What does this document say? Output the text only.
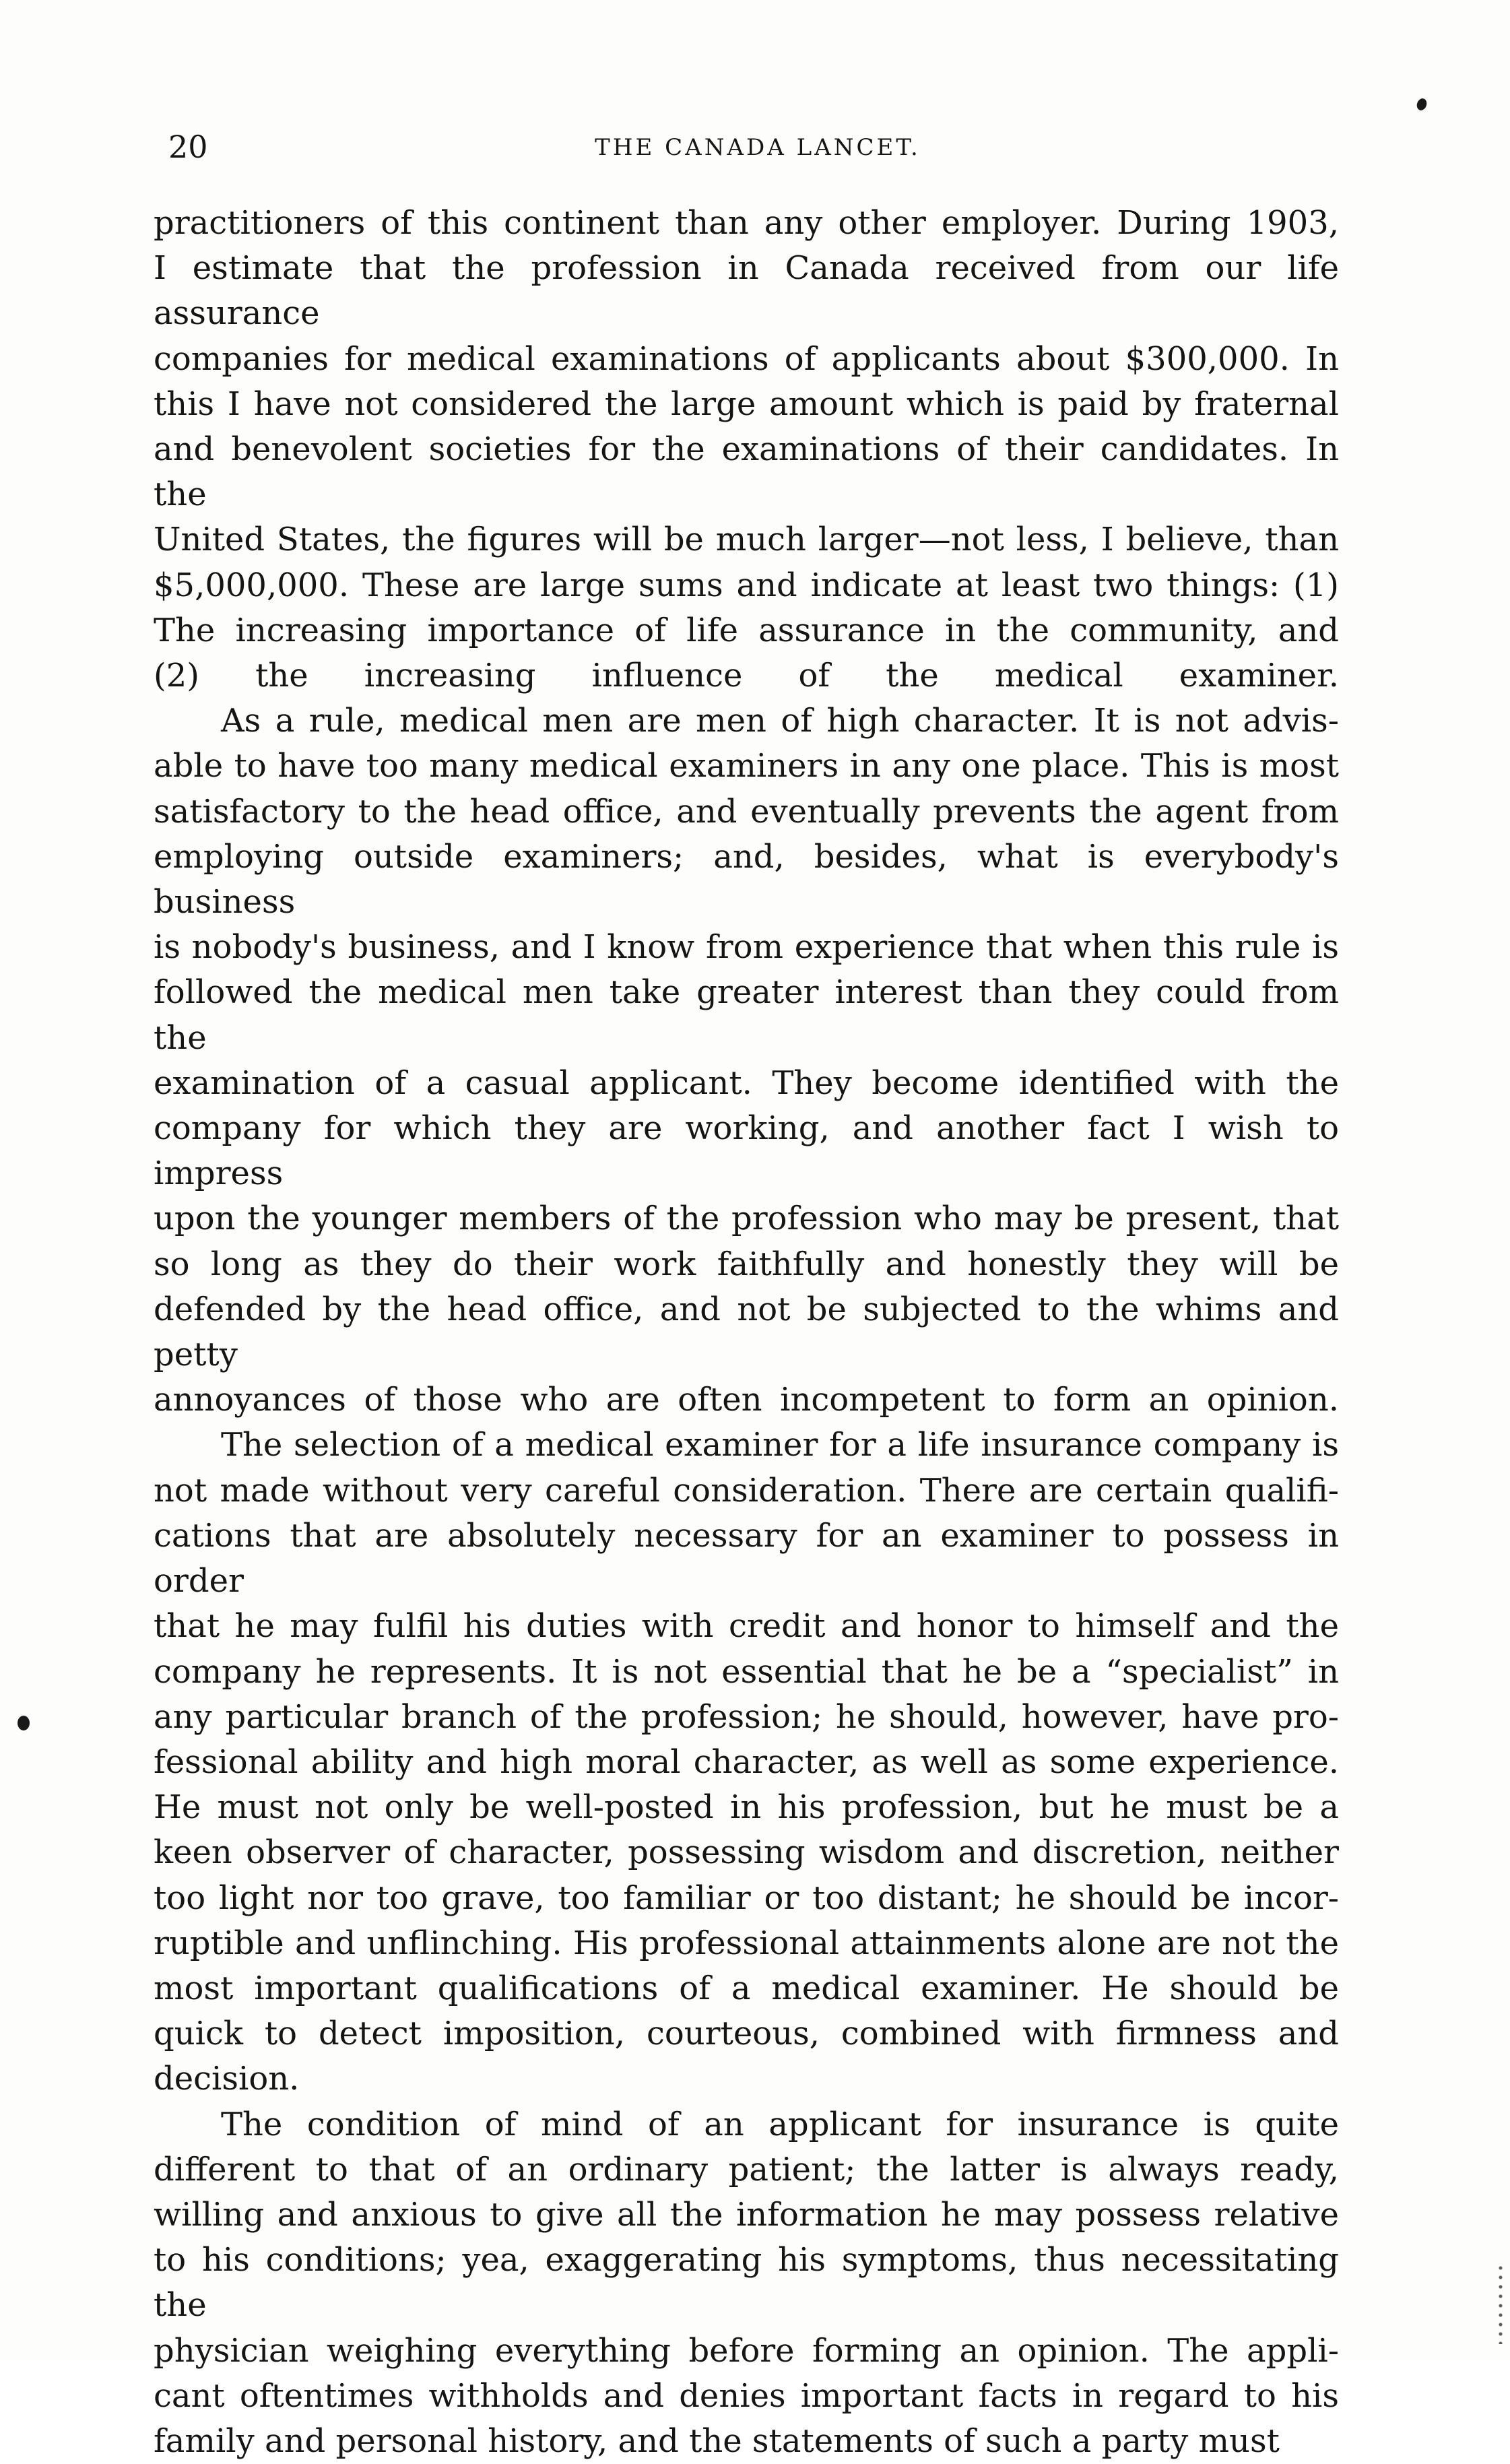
20	THE CANADA LANCET.

practitioners of this continent than any other employer. During 1903,
I estimate that the profession in Canada received from our life assurance
companies for medical examinations of applicants about $300,000. In
this I have not considered the large amount which is paid by fraternal
and benevolent societies for the examinations of their candidates. In the
United States, the figures will be much larger—not less, I believe, than
$5,000,000. These are large sums and indicate at least two things: (1)
The increasing importance of life assurance in the community, and
(2) the increasing influence of the medical examiner.

As a rule, medical men are men of high character. It is not advis-
able to have too many medical examiners in any one place. This is most
satisfactory to the head office, and eventually prevents the agent from
employing outside examiners; and, besides, what is everybody's business
is nobody's business, and I know from experience that when this rule is
followed the medical men take greater interest than they could from the
examination of a casual applicant. They become identified with the
company for which they are working, and another fact I wish to impress
upon the younger members of the profession who may be present, that
so long as they do their work faithfully and honestly they will be
defended by the head office, and not be subjected to the whims and petty
annoyances of those who are often incompetent to form an opinion.

The selection of a medical examiner for a life insurance company is
not made without very careful consideration. There are certain qualifi-
cations that are absolutely necessary for an examiner to possess in order
that he may fulfil his duties with credit and honor to himself and the
company he represents. It is not essential that he be a “specialist” in
any particular branch of the profession; he should, however, have pro-
fessional ability and high moral character, as well as some experience.
He must not only be well-posted in his profession, but he must be a
keen observer of character, possessing wisdom and discretion, neither
too light nor too grave, too familiar or too distant; he should be incor-
ruptible and unflinching. His professional attainments alone are not the
most important qualifications of a medical examiner. He should be
quick to detect imposition, courteous, combined with firmness and decision.

The condition of mind of an applicant for insurance is quite
different to that of an ordinary patient; the latter is always ready,
willing and anxious to give all the information he may possess relative
to his conditions; yea, exaggerating his symptoms, thus necessitating the
physician weighing everything before forming an opinion. The appli-
cant oftentimes withholds and denies important facts in regard to his
family and personal history, and the statements of such a party must
